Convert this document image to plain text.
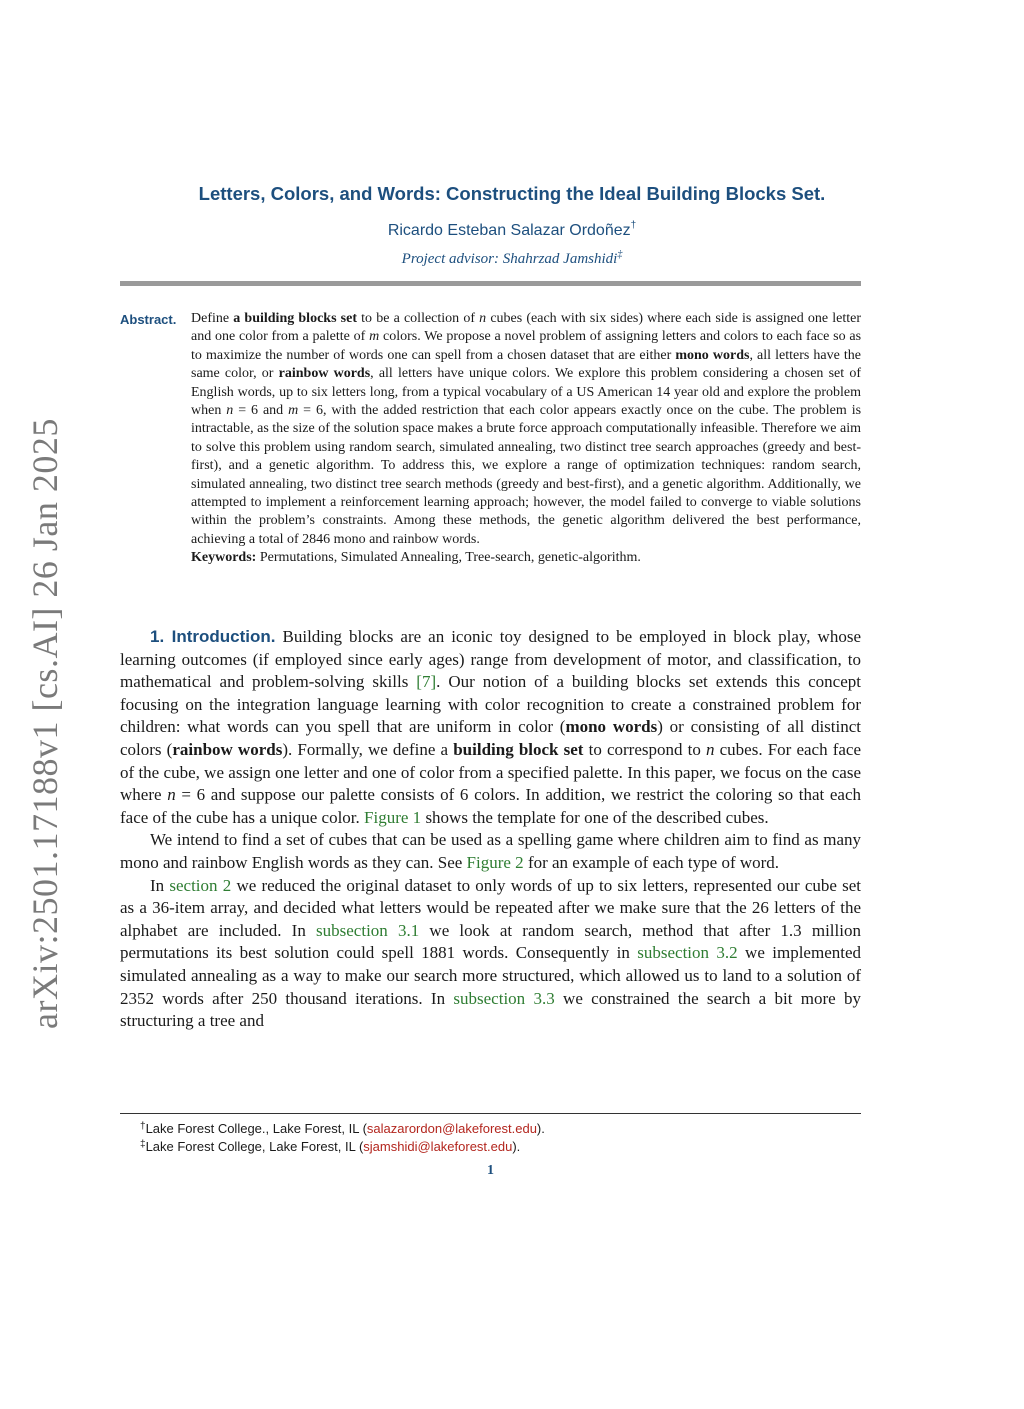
Letters, Colors, and Words: Constructing the Ideal Building Blocks Set.
Ricardo Esteban Salazar Ordoñez†
Project advisor: Shahrzad Jamshidi‡
arXiv:2501.17188v1 [cs.AI] 26 Jan 2025
Abstract. Define a building blocks set to be a collection of n cubes (each with six sides) where each side is assigned one letter and one color from a palette of m colors. We propose a novel problem of assigning letters and colors to each face so as to maximize the number of words one can spell from a chosen dataset that are either mono words, all letters have the same color, or rainbow words, all letters have unique colors. We explore this problem considering a chosen set of English words, up to six letters long, from a typical vocabulary of a US American 14 year old and explore the problem when n = 6 and m = 6, with the added restriction that each color appears exactly once on the cube. The problem is intractable, as the size of the solution space makes a brute force approach computationally infeasible. Therefore we aim to solve this problem using random search, simulated annealing, two distinct tree search approaches (greedy and best-first), and a genetic algorithm. To address this, we explore a range of optimization techniques: random search, simulated annealing, two distinct tree search methods (greedy and best-first), and a genetic algorithm. Additionally, we attempted to implement a reinforcement learning approach; however, the model failed to converge to viable solutions within the problem’s constraints. Among these methods, the genetic algorithm delivered the best performance, achieving a total of 2846 mono and rainbow words.

Keywords: Permutations, Simulated Annealing, Tree-search, genetic-algorithm.

1. Introduction. Building blocks are an iconic toy designed to be employed in block play, whose learning outcomes (if employed since early ages) range from development of motor, and classification, to mathematical and problem-solving skills [7]. Our notion of a building blocks set extends this concept focusing on the integration language learning with color recognition to create a constrained problem for children: what words can you spell that are uniform in color (mono words) or consisting of all distinct colors (rainbow words). Formally, we define a building block set to correspond to n cubes. For each face of the cube, we assign one letter and one of color from a specified palette. In this paper, we focus on the case where n = 6 and suppose our palette consists of 6 colors. In addition, we restrict the coloring so that each face of the cube has a unique color. Figure 1 shows the template for one of the described cubes.

We intend to find a set of cubes that can be used as a spelling game where children aim to find as many mono and rainbow English words as they can. See Figure 2 for an example of each type of word.

In section 2 we reduced the original dataset to only words of up to six letters, represented our cube set as a 36-item array, and decided what letters would be repeated after we make sure that the 26 letters of the alphabet are included. In subsection 3.1 we look at random search, method that after 1.3 million permutations its best solution could spell 1881 words. Consequently in subsection 3.2 we implemented simulated annealing as a way to make our search more structured, which allowed us to land to a solution of 2352 words after 250 thousand iterations. In subsection 3.3 we constrained the search a bit more by structuring a tree and

†Lake Forest College., Lake Forest, IL (salazarordon@lakeforest.edu).
‡Lake Forest College, Lake Forest, IL (sjamshidi@lakeforest.edu).
1
